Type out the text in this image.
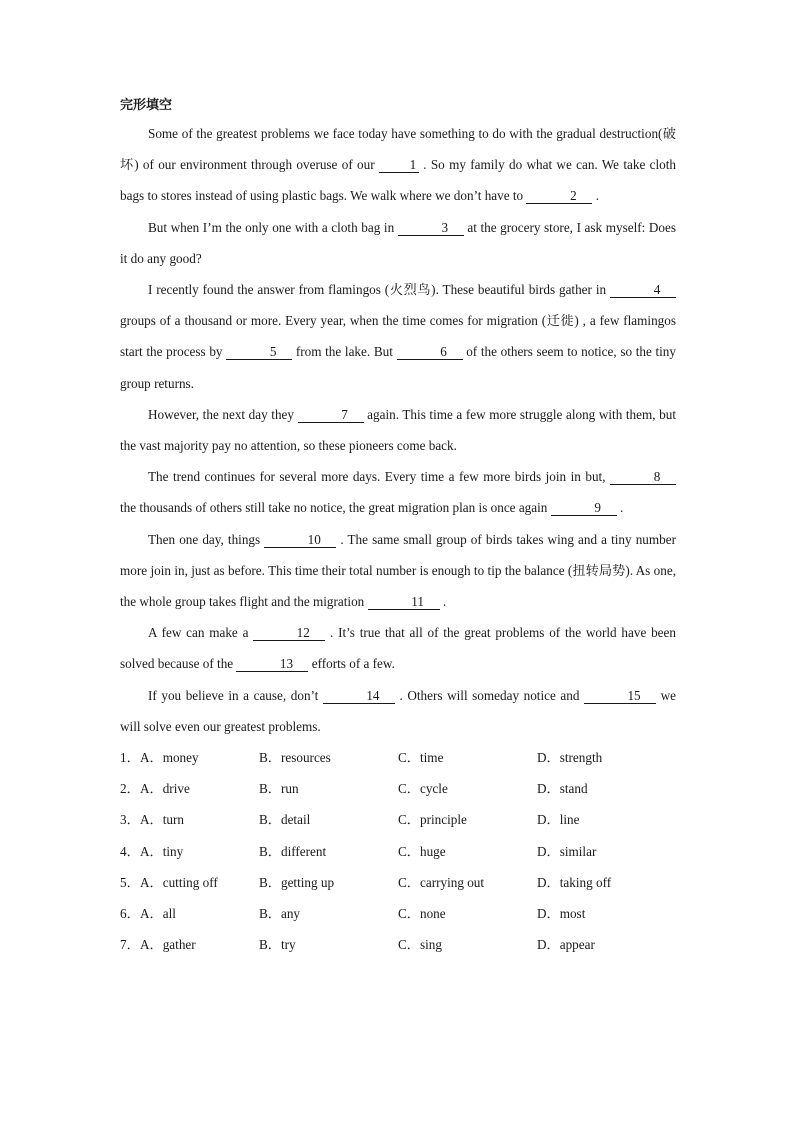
完形填空

Some of the greatest problems we face today have something to do with the gradual destruction(破坏) of our environment through overuse of our 1 . So my family do what we can. We take cloth bags to stores instead of using plastic bags. We walk where we don’t have to	2 .

But when I’m the only one with a cloth bag in	3 at the grocery store, I ask myself: Does it do any good?

I recently found the answer from flamingos (火烈鸟). These beautiful birds gather in	4 groups of a thousand or more. Every year, when the time comes for migration (迁徙) , a few flamingos start the process by	5 from the lake. But	6 of the others seem to notice, so the tiny group returns.

However, the next day they	7 again. This time a few more struggle along with them, but the vast majority pay no attention, so these pioneers come back.

The trend continues for several more days. Every time a few more birds join in but,	8 the thousands of others still take no notice, the great migration plan is once again	9 .

Then one day, things	10 . The same small group of birds takes wing and a tiny number more join in, just as before. This time their total number is enough to tip the balance (扭转局势). As one, the whole group takes flight and the migration	11 .

A few can make a	12 . It’s true that all of the great problems of the world have been solved because of the	13 efforts of a few.

If you believe in a cause, don’t	14 . Others will someday notice and	15 we will solve even our greatest problems.

1． A．money	B．resources	C．time	D．strength
2． A．drive	B．run	C．cycle	D．stand
3． A．turn	B．detail	C．principle	D．line
4． A．tiny	B．different	C．huge	D．similar
5． A．cutting off	B．getting up	C．carrying out	D．taking off
6． A．all	B．any	C．none	D．most
7． A．gather	B．try	C．sing	D．appear
